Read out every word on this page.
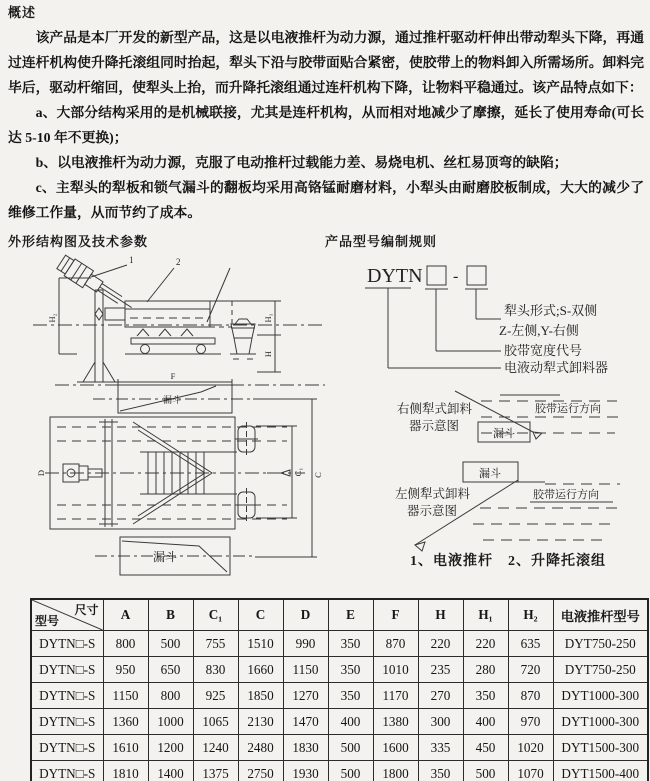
概述

该产品是本厂开发的新型产品，这是以电液推杆为动力源，通过推杆驱动杆伸出带动犁头下降，再通过连杆机构使升降托滚组同时抬起，犁头下沿与胶带面贴合紧密，使胶带上的物料卸入所需场所。卸料完毕后，驱动杆缩回，使犁头上抬，而升降托滚组通过连杆机构下降，让物料平稳通过。该产品特点如下：

a、大部分结构采用的是机械联接，尤其是连杆机构，从而相对地减少了摩擦，延长了使用寿命(可长达 5-10 年不更换)；

b、以电液推杆为动力源，克服了电动推杆过载能力差、易烧电机、丝杠易顶弯的缺陷；

c、主犁头的犁板和锁气漏斗的翻板均采用高铬锰耐磨材料，小犁头由耐磨胶板制成，大大的减少了维修工作量，从而节约了成本。

外形结构图及技术参数	产品型号编制规则
1	2
H₂	H₁
H
F
漏斗
D	C₁ C
漏斗
DYTN -
犁头形式;S-双侧
Z-左侧,Y-右侧
胶带宽度代号
电液动犁式卸料器
右侧犁式卸料
器示意图
漏斗
胶带运行方向
漏斗
左侧犁式卸料
器示意图
胶带运行方向
1、电液推杆　2、升降托滚组
尺寸
型号	A	B	C₁	C	D	E	F	H	H₁	H₂	电液推杆型号
DYTN□-S	800	500	755	1510	990	350	870	220	220	635	DYT750-250
DYTN□-S	950	650	830	1660	1150	350	1010	235	280	720	DYT750-250
DYTN□-S	1150	800	925	1850	1270	350	1170	270	350	870	DYT1000-300
DYTN□-S	1360	1000	1065	2130	1470	400	1380	300	400	970	DYT1000-300
DYTN□-S	1610	1200	1240	2480	1830	500	1600	335	450	1020	DYT1500-300
DYTN□-S	1810	1400	1375	2750	1930	500	1800	350	500	1070	DYT1500-400
